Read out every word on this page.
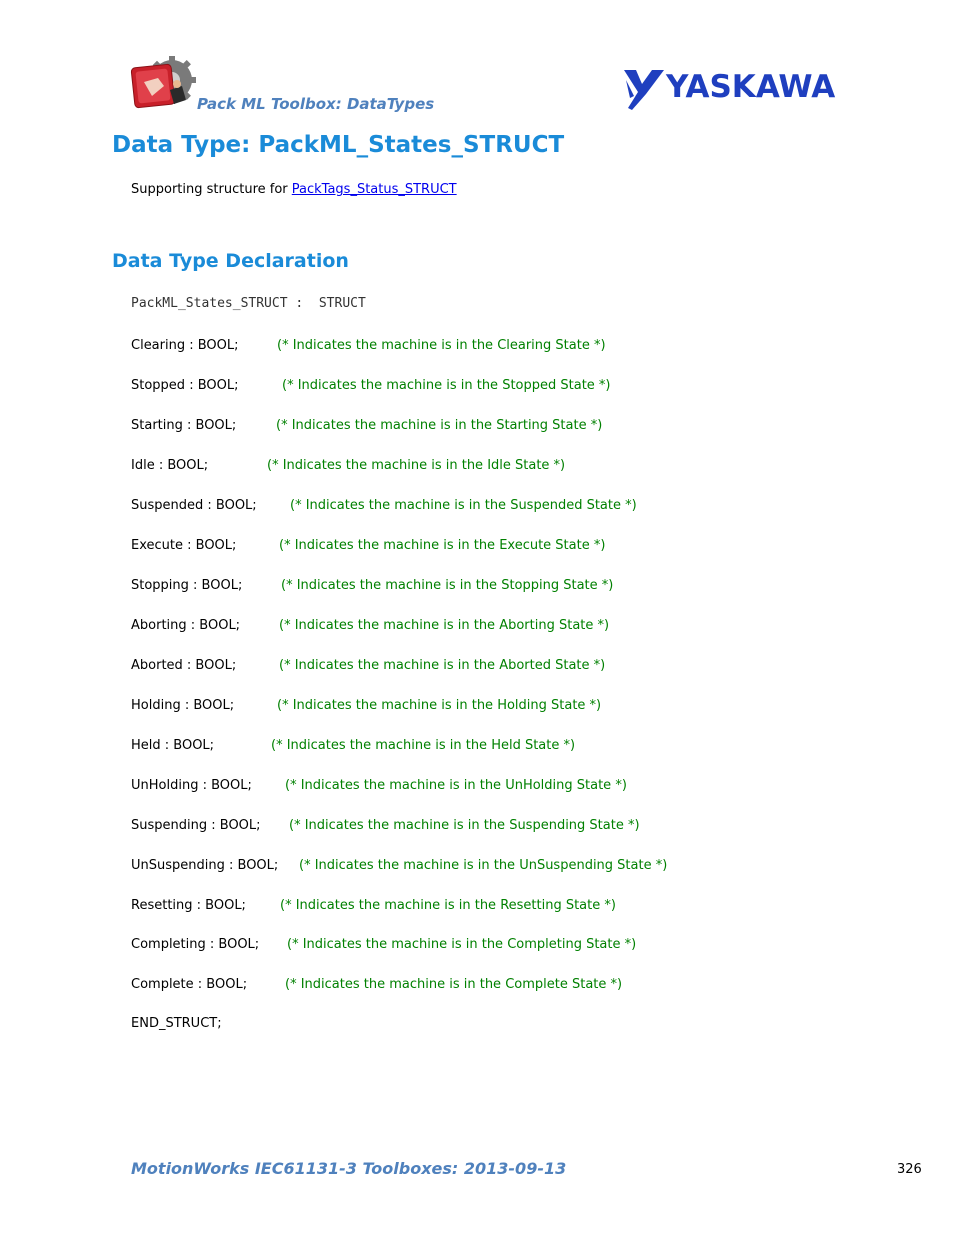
Pack ML Toolbox: DataTypes	YASKAWA
Data Type: PackML_States_STRUCT
Supporting structure for PackTags_Status_STRUCT
Data Type Declaration
PackML_States_STRUCT :  STRUCT
Clearing : BOOL;	(* Indicates the machine is in the Clearing State *)
Stopped : BOOL;	(* Indicates the machine is in the Stopped State *)
Starting : BOOL;	(* Indicates the machine is in the Starting State *)
Idle : BOOL;	(* Indicates the machine is in the Idle State *)
Suspended : BOOL;	(* Indicates the machine is in the Suspended State *)
Execute : BOOL;	(* Indicates the machine is in the Execute State *)
Stopping : BOOL;	(* Indicates the machine is in the Stopping State *)
Aborting : BOOL;	(* Indicates the machine is in the Aborting State *)
Aborted : BOOL;	(* Indicates the machine is in the Aborted State *)
Holding : BOOL;	(* Indicates the machine is in the Holding State *)
Held : BOOL;	(* Indicates the machine is in the Held State *)
UnHolding : BOOL;	(* Indicates the machine is in the UnHolding State *)
Suspending : BOOL; (* Indicates the machine is in the Suspending State *)
UnSuspending : BOOL; (* Indicates the machine is in the UnSuspending State *)
Resetting : BOOL;	(* Indicates the machine is in the Resetting State *)
Completing : BOOL; (* Indicates the machine is in the Completing State *)
Complete : BOOL;	(* Indicates the machine is in the Complete State *)
END_STRUCT;
MotionWorks IEC61131-3 Toolboxes: 2013-09-13	326
